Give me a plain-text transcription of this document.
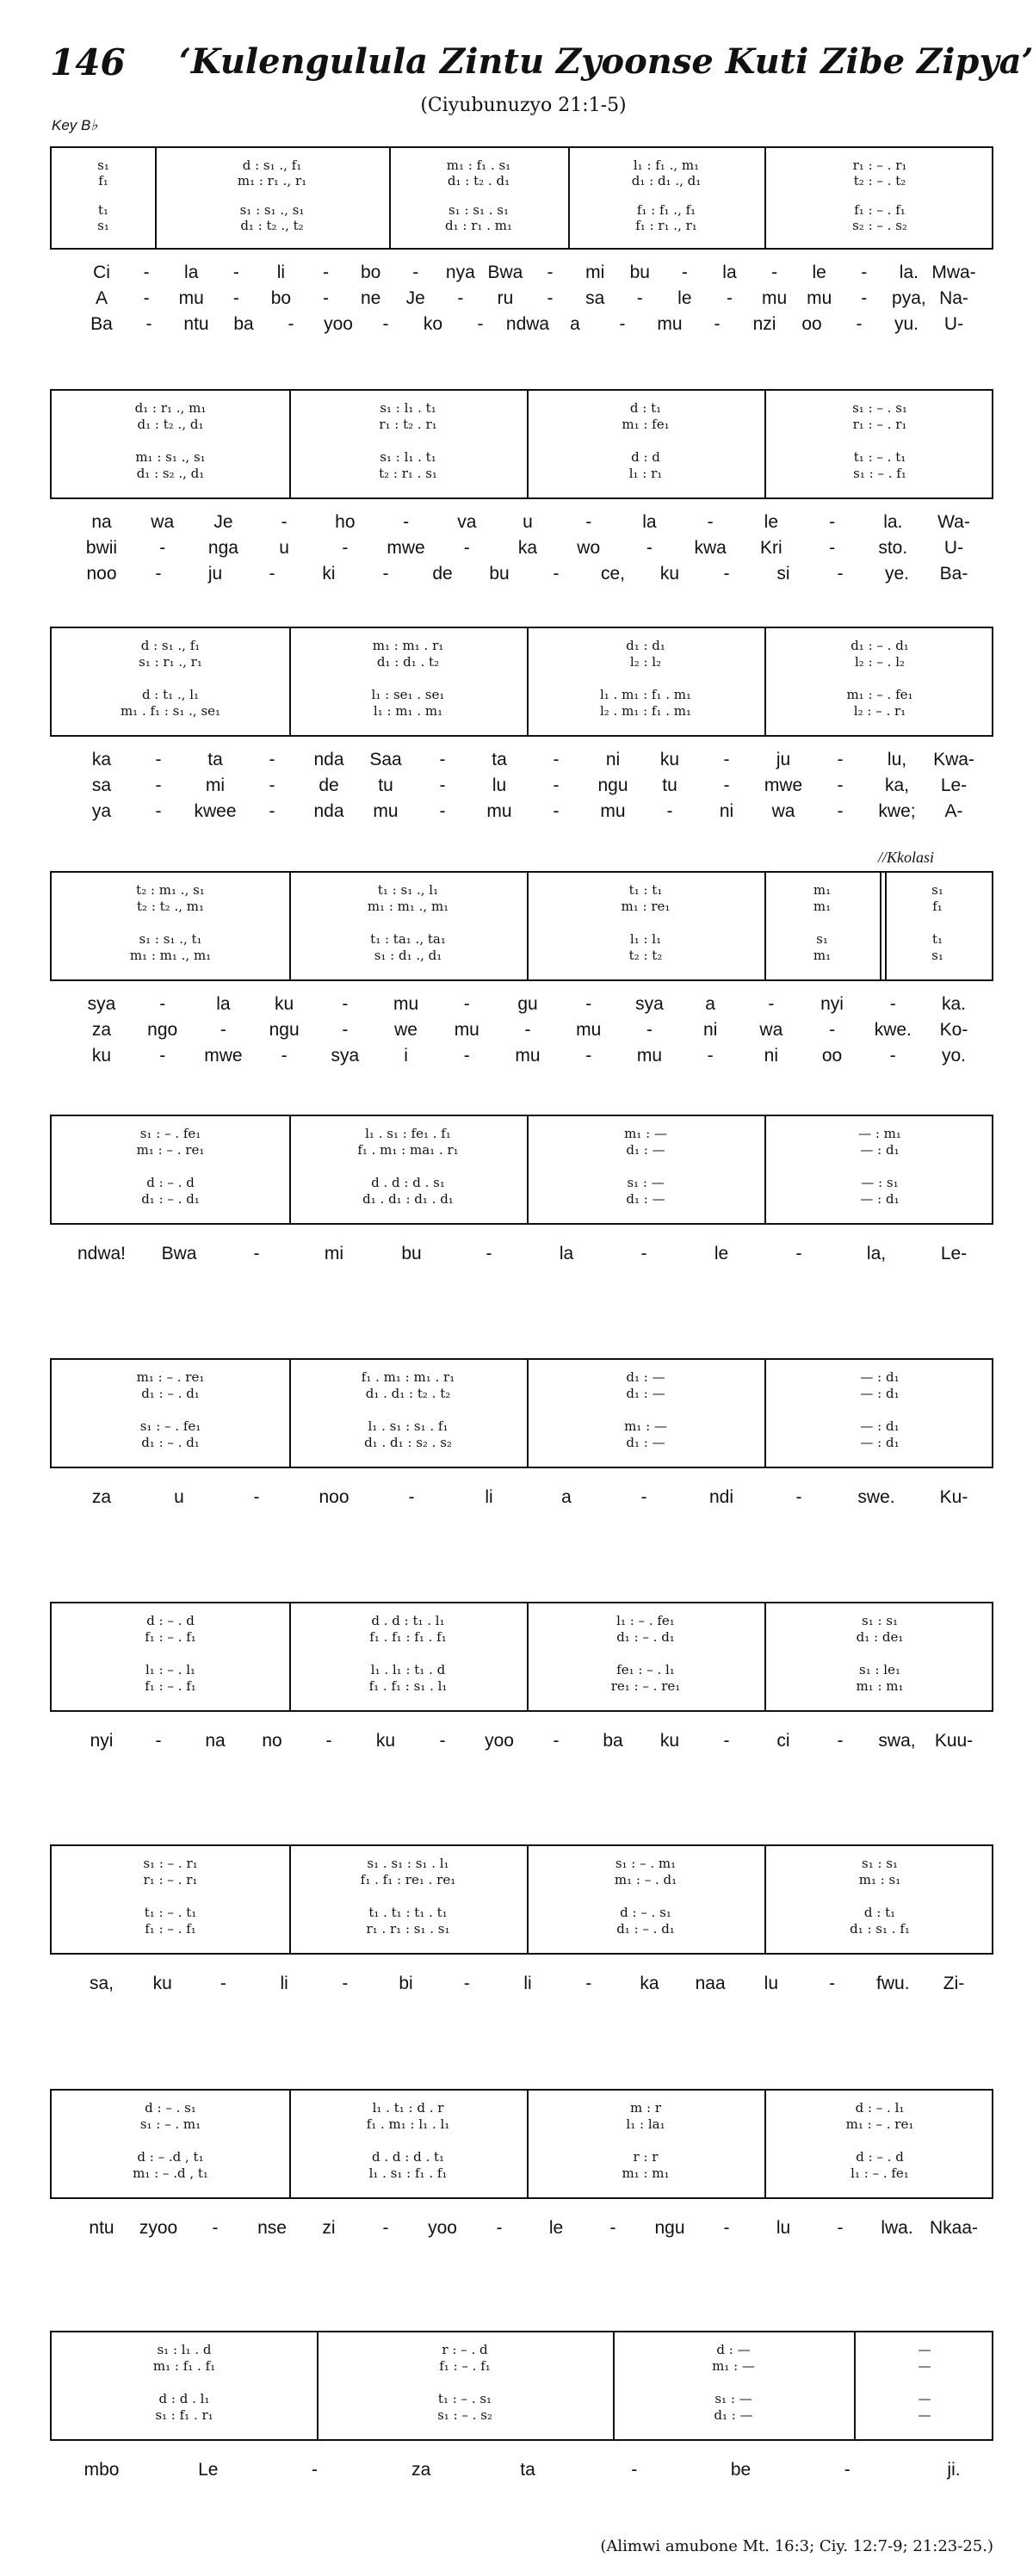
146 ‘Kulengulula Zintu Zyoonse Kuti Zibe Zipya’
(Ciyubunuzyo 21:1-5)
Key B♭
s₁	d : s₁ ., f₁	m₁ : f₁ . s₁	l₁ : f₁ ., m₁	r₁ : – . r₁
f₁	m₁ : r₁ ., r₁	d₁ : t₂ . d₁	d₁ : d₁ ., d₁	t₂ : – . t₂
t₁	s₁ : s₁ ., s₁	s₁ : s₁ . s₁	f₁ : f₁ ., f₁	f₁ : – . f₁
s₁	d₁ : t₂ ., t₂	d₁ : r₁ . m₁	f₁ : r₁ ., r₁	s₂ : – . s₂
Ci - la - li - bo - nya Bwa - mi bu - la - le - la. Mwa-
A - mu - bo - ne Je - ru - sa - le - mu mu - pya, Na-
Ba - ntu ba - yoo - ko - ndwa a - mu - nzi oo - yu. U-
d₁ : r₁ ., m₁	s₁ : l₁ . t₁	d : t₁	s₁ : – . s₁
d₁ : t₂ ., d₁	r₁ : t₂ . r₁	m₁ : fe₁	r₁ : – . r₁
m₁ : s₁ ., s₁	s₁ : l₁ . t₁	d : d	t₁ : – . t₁
d₁ : s₂ ., d₁	t₂ : r₁ . s₁	l₁ : r₁	s₁ : – . f₁
na wa Je	-	ho	-	va	u	-	la	-	le	-	la. Wa-
bwii - nga u	- mwe -	ka wo	- kwa Kri	- sto. U-
noo -	ju	-	ki	- de bu - ce, ku -	si	- ye. Ba-
d : s₁ ., f₁	m₁ : m₁ . r₁	d₁ : d₁	d₁ : – . d₁
s₁ : r₁ ., r₁	d₁ : d₁ . t₂	l₂ : l₂	l₂ : – . l₂
d : t₁ ., l₁	l₁ : se₁ . se₁	l₁ . m₁ : f₁ . m₁	m₁ : – . fe₁
m₁ . f₁ : s₁ ., se₁	l₁ : m₁ . m₁	l₂ . m₁ : f₁ . m₁	l₂ : – . r₁
ka -	ta	- nda Saa -	ta	-	ni ku -	ju	- lu, Kwa-
sa - mi - de tu	-	lu	- ngu tu	- mwe - ka, Le-
ya - kwee - nda mu - mu - mu -	ni wa - kwe; A-
t₂ : m₁ ., s₁	t₁ : s₁ ., l₁	t₁ : t₁	m₁	s₁
t₂ : t₂ ., m₁	m₁ : m₁ ., m₁	m₁ : re₁	m₁	f₁
s₁ : s₁ ., t₁	t₁ : ta₁ ., ta₁	l₁ : l₁	s₁	t₁
m₁ : m₁ ., m₁	s₁ : d₁ ., d₁	t₂ : t₂	m₁	s₁
sya -	la ku	-	mu	-	gu	- sya a	-	nyi	-	ka.
za ngo - ngu -	we mu	-	mu	-	ni wa	- kwe. Ko-
ku	- mwe - sya i	-	mu	-	mu	-	ni oo	-	yo.
s₁ : – . fe₁	l₁ . s₁ : fe₁ . f₁	m₁ : —	— : m₁
m₁ : – . re₁	f₁ . m₁ : ma₁ . r₁	d₁ : —	— : d₁
d : – . d	d . d : d . s₁	s₁ : —	— : s₁
d₁ : – . d₁	d₁ . d₁ : d₁ . d₁	d₁ : —	— : d₁
ndwa! Bwa	-	mi	bu	-	la	-	le	-	la,	Le-
m₁ : – . re₁	f₁ . m₁ : m₁ . r₁	d₁ : —	— : d₁
d₁ : – . d₁	d₁ . d₁ : t₂ . t₂	d₁ : —	— : d₁
s₁ : – . fe₁	l₁ . s₁ : s₁ . f₁	m₁ : —	— : d₁
d₁ : – . d₁	d₁ . d₁ : s₂ . s₂	d₁ : —	— : d₁
za	u	-	noo	-	li	a	-	ndi	-	swe. Ku-
d : – . d	d . d : t₁ . l₁	l₁ : – . fe₁	s₁ : s₁
f₁ : – . f₁	f₁ . f₁ : f₁ . f₁	d₁ : – . d₁	d₁ : de₁
l₁ : – . l₁	l₁ . l₁ : t₁ . d	fe₁ : – . l₁	s₁ : le₁
f₁ : – . f₁	f₁ . f₁ : s₁ . l₁	re₁ : – . re₁	m₁ : m₁
nyi - na no - ku - yoo - ba ku -	ci	- swa, Kuu-
s₁ : – . r₁	s₁ . s₁ : s₁ . l₁	s₁ : – . m₁	s₁ : s₁
r₁ : – . r₁	f₁ . f₁ : re₁ . re₁	m₁ : – . d₁	m₁ : s₁
t₁ : – . t₁	t₁ . t₁ : t₁ . t₁	d : – . s₁	d : t₁
f₁ : – . f₁	r₁ . r₁ : s₁ . s₁	d₁ : – . d₁	d₁ : s₁ . f₁
sa, ku	-	li	-	bi	-	li	-	ka naa lu	- fwu. Zi-
d : – . s₁	l₁ . t₁ : d . r	m : r	d : – . l₁
s₁ : – . m₁	f₁ . m₁ : l₁ . l₁	l₁ : la₁	m₁ : – . re₁
d : – .d , t₁	d . d : d . t₁	r : r	d : – . d
m₁ : – .d , t₁	l₁ . s₁ : f₁ . f₁	m₁ : m₁	l₁ : – . fe₁
ntu zyoo - nse zi	- yoo -	le	- ngu -	lu	- lwa. Nkaa-
s₁ : l₁ . d	r : – . d	d : —	—
m₁ : f₁ . f₁	f₁ : – . f₁	m₁ : —	—
d : d . l₁	t₁ : – . s₁	s₁ : —	—
s₁ : f₁ . r₁	s₁ : – . s₂	d₁ : —	—
mbo	Le	-	za	ta	-	be	-	ji.
(Alimwi amubone Mt. 16:3; Ciy. 12:7-9; 21:23-25.)
//Kkolasi
